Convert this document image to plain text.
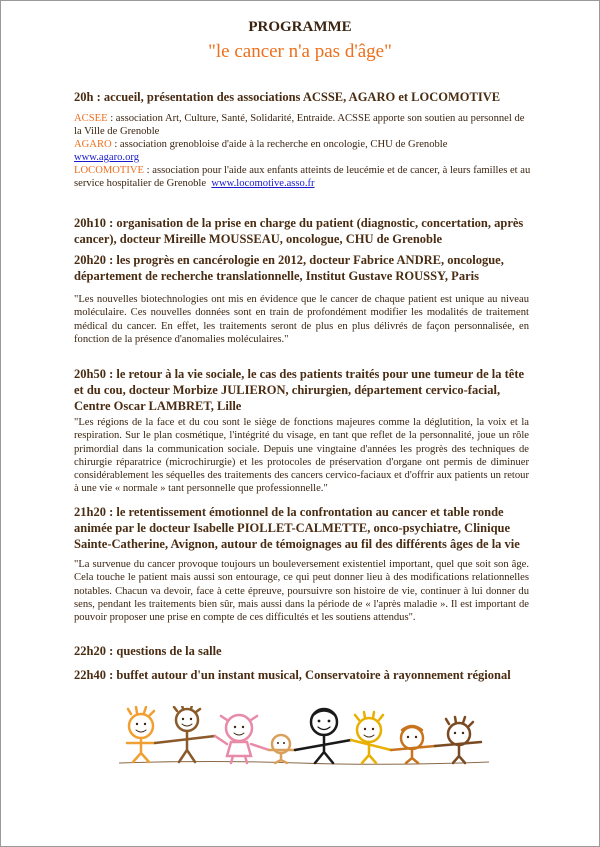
PROGRAMME
"le cancer n'a pas d'âge"
20h : accueil, présentation des associations ACSSE, AGARO et LOCOMOTIVE
ACSEE : association Art, Culture, Santé, Solidarité, Entraide. ACSSE apporte son soutien au personnel de la Ville de Grenoble
AGARO : association grenobloise d'aide à la recherche en oncologie, CHU de Grenoble
www.agaro.org
LOCOMOTIVE : association pour l'aide aux enfants atteints de leucémie et de cancer, à leurs familles et au service hospitalier de Grenoble www.locomotive.asso.fr
20h10 : organisation de la prise en charge du patient (diagnostic, concertation, après cancer), docteur Mireille MOUSSEAU, oncologue, CHU de Grenoble
20h20 : les progrès en cancérologie en 2012, docteur Fabrice ANDRE, oncologue, département de recherche translationnelle, Institut Gustave ROUSSY, Paris
"Les nouvelles biotechnologies ont mis en évidence que le cancer de chaque patient est unique au niveau moléculaire. Ces nouvelles données sont en train de profondément modifier les modalités de traitement médical du cancer. En effet, les traitements seront de plus en plus délivrés de façon personnalisée, en fonction de la présence d'anomalies moléculaires."
20h50 : le retour à la vie sociale, le cas des patients traités pour une tumeur de la tête et du cou, docteur Morbize JULIERON, chirurgien, département cervico-facial, Centre Oscar LAMBRET, Lille
"Les régions de la face et du cou sont le siège de fonctions majeures comme la déglutition, la voix et la respiration. Sur le plan cosmétique, l'intégrité du visage, en tant que reflet de la personnalité, joue un rôle primordial dans la communication sociale. Depuis une vingtaine d'années les progrès des techniques de chirurgie réparatrice (microchirurgie) et les protocoles de préservation d'organe ont permis de diminuer considérablement les séquelles des traitements des cancers cervico-faciaux et d'offrir aux patients un retour à une vie « normale » tant personnelle que professionnelle."
21h20 : le retentissement émotionnel de la confrontation au cancer et table ronde animée par le docteur Isabelle PIOLLET-CALMETTE, onco-psychiatre, Clinique Sainte-Catherine, Avignon, autour de témoignages au fil des différents âges de la vie
"La survenue du cancer provoque toujours un bouleversement existentiel important, quel que soit son âge. Cela touche le patient mais aussi son entourage, ce qui peut donner lieu à des modifications relationnelles notables. Chacun va devoir, face à cette épreuve, poursuivre son histoire de vie, continuer à lui donner du sens, pendant les traitements bien sûr, mais aussi dans la période de « l'après maladie ». Il est important de pouvoir proposer une prise en compte de ces difficultés et les soutiens attendus".
22h20 : questions de la salle
22h40 : buffet autour d'un instant musical, Conservatoire à rayonnement régional
